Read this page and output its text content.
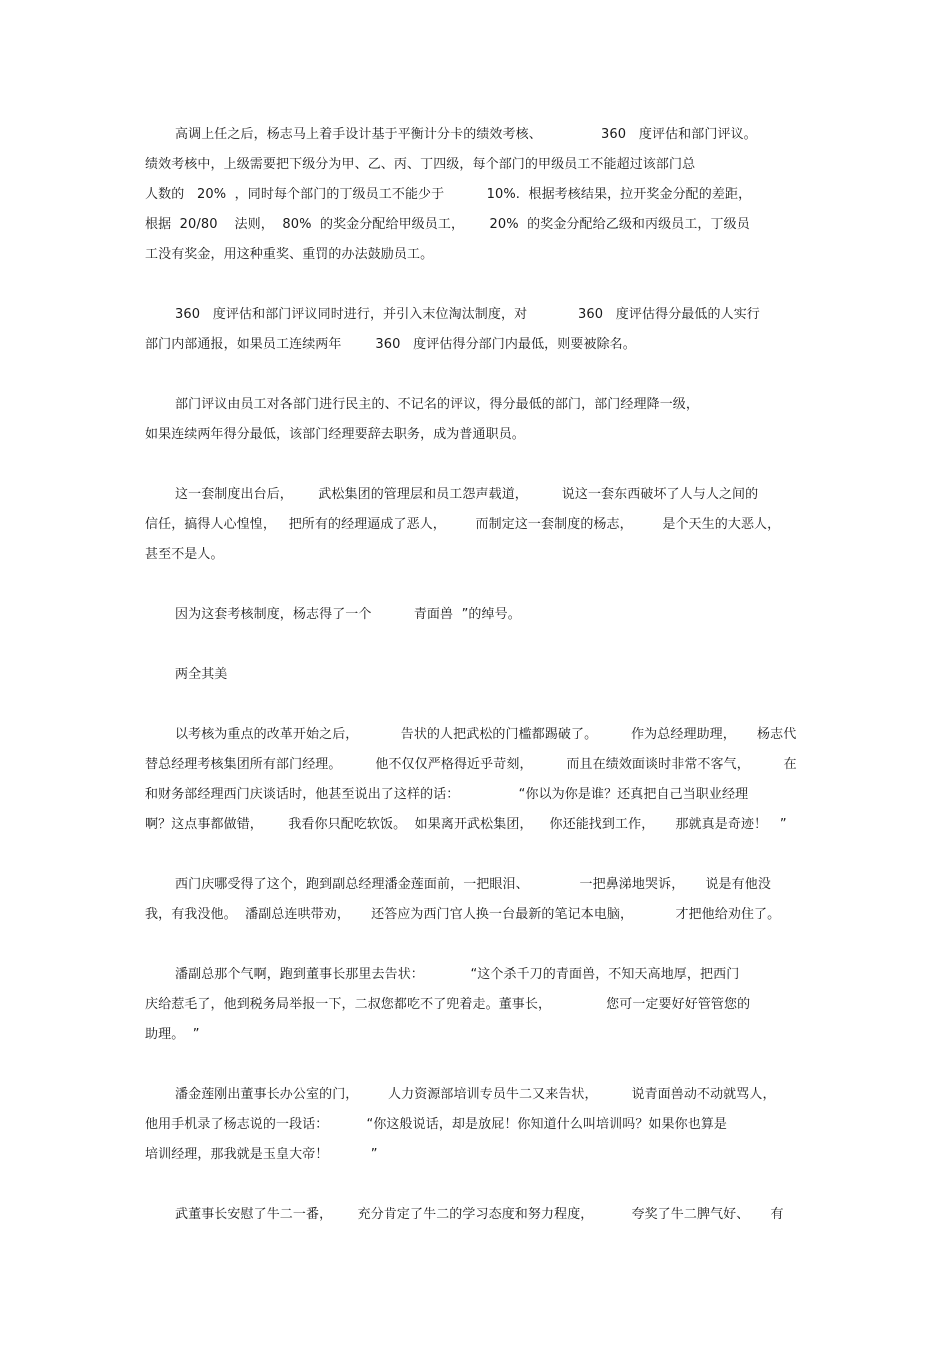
高调上任之后，杨志马上着手设计基于平衡计分卡的绩效考核、              360   度评估和部门评议。
绩效考核中，上级需要把下级分为甲、乙、丙、丁四级，每个部门的甲级员工不能超过该部门总
人数的   20%  ，同时每个部门的丁级员工不能少于          10%.  根据考核结果，拉开奖金分配的差距，
根据  20/80    法则，  80%  的奖金分配给甲级员工，      20%  的奖金分配给乙级和丙级员工，丁级员
工没有奖金，用这种重奖、重罚的办法鼓励员工。
360   度评估和部门评议同时进行，并引入末位淘汰制度，对            360   度评估得分最低的人实行
部门内部通报，如果员工连续两年        360   度评估得分部门内最低，则要被除名。
部门评议由员工对各部门进行民主的、不记名的评议，得分最低的部门，部门经理降一级，
如果连续两年得分最低，该部门经理要辞去职务，成为普通职员。
这一套制度出台后，      武松集团的管理层和员工怨声载道，        说这一套东西破坏了人与人之间的
信任，搞得人心惶惶，   把所有的经理逼成了恶人，       而制定这一套制度的杨志，       是个天生的大恶人，
甚至不是人。
因为这套考核制度，杨志得了一个          青面兽  ”的绰号。
两全其美
以考核为重点的改革开始之后，          告状的人把武松的门槛都踢破了。        作为总经理助理，     杨志代
替总经理考核集团所有部门经理。        他不仅仅严格得近乎苛刻，        而且在绩效面谈时非常不客气，        在
和财务部经理西门庆谈话时，他甚至说出了这样的话：              “你以为你是谁？还真把自己当职业经理
啊？这点事都做错，      我看你只配吃软饭。  如果离开武松集团，    你还能找到工作，     那就真是奇迹！   ”
西门庆哪受得了这个，跑到副总经理潘金莲面前，一把眼泪、            一把鼻涕地哭诉，     说是有他没
我，有我没他。  潘副总连哄带劝，     还答应为西门官人换一台最新的笔记本电脑，          才把他给劝住了。
潘副总那个气啊，跑到董事长那里去告状：           “这个杀千刀的青面兽，不知天高地厚，把西门
庆给惹毛了，他到税务局举报一下，二叔您都吃不了兜着走。董事长，             您可一定要好好管管您的
助理。  ”
潘金莲刚出董事长办公室的门，       人力资源部培训专员牛二又来告状，        说青面兽动不动就骂人，
他用手机录了杨志说的一段话：         “你这般说话，却是放屁！你知道什么叫培训吗？如果你也算是
培训经理，那我就是玉皇大帝！          ”
武董事长安慰了牛二一番，      充分肯定了牛二的学习态度和努力程度，         夸奖了牛二脾气好、     有
